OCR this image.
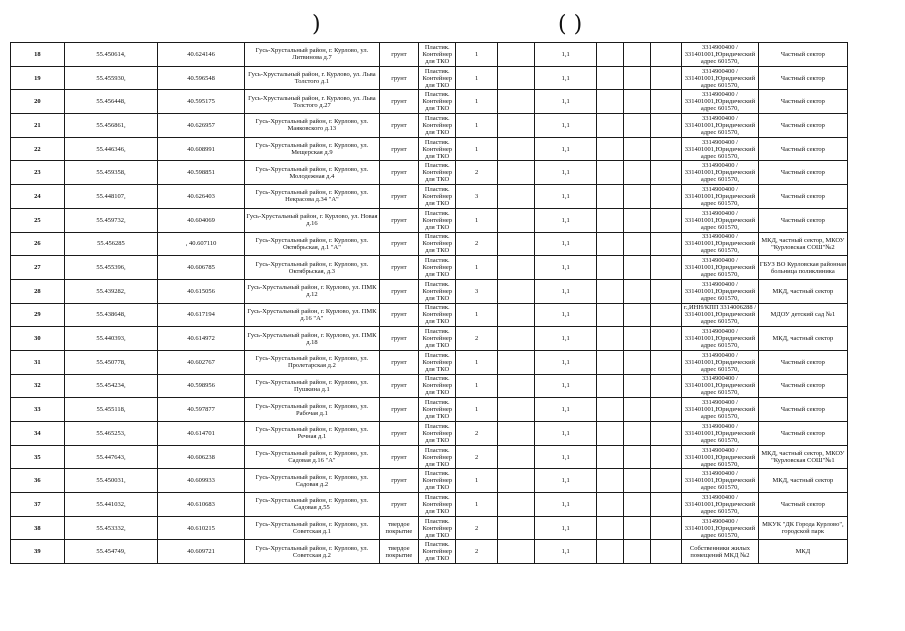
)	( )
18	55.450614,	40.624146	Гусь-Хрустальный район, г. Курлово, ул. Литвинова д.7	грунт	Пластик. Контейнер для ТКО	1		1,1				3314900400 / 331401001,Юридический адрес 601570,	Частный сектор
19	55.455930,	40.596548	Гусь-Хрустальный район, г. Курлово, ул. Льва Толстого д.1	грунт	Пластик. Контейнер для ТКО	1		1,1				3314900400 / 331401001,Юридический адрес 601570,	Частный сектор
20	55.456448,	40.595175	Гусь-Хрустальный район, г. Курлово, ул. Льва Толстого д.27	грунт	Пластик. Контейнер для ТКО	1		1,1				3314900400 / 331401001,Юридический адрес 601570,	Частный сектор
21	55.456861,	40.626957	Гусь-Хрустальный район, г. Курлово, ул. Маяковского д.13	грунт	Пластик. Контейнер для ТКО	1		1,1				3314900400 / 331401001,Юридический адрес 601570,	Частный сектор
22	55.446346,	40.608991	Гусь-Хрустальный район, г. Курлово, ул. Мещерская д.9	грунт	Пластик. Контейнер для ТКО	1		1,1				3314900400 / 331401001,Юридический адрес 601570,	Частный сектор
23	55.459358,	40.598851	Гусь-Хрустальный район, г. Курлово, ул. Молодежная д.4	грунт	Пластик. Контейнер для ТКО	2		1,1				3314900400 / 331401001,Юридический адрес 601570,	Частный сектор
24	55.448107,	40.626403	Гусь-Хрустальный район, г. Курлово, ул. Некрасова д.34 "А"	грунт	Пластик. Контейнер для ТКО	3		1,1				3314900400 / 331401001,Юридический адрес 601570,	Частный сектор
25	55.459732,	40.604069	Гусь-Хрустальный район, г. Курлово, ул. Новая д.16	грунт	Пластик. Контейнер для ТКО	1		1,1				3314900400 / 331401001,Юридический адрес 601570,	Частный сектор
26	55.456285	, 40.607110	Гусь-Хрустальный район, г. Курлово, ул. Октябрьская, д.1 "А"	грунт	Пластик. Контейнер для ТКО	2		1,1				3314900400 / 331401001,Юридический адрес 601570,	МКД, частный сектор, МКОУ "Курловская СОШ"№2
27	55.455396,	40.606785	Гусь-Хрустальный район, г. Курлово, ул. Октябрьская, д.3	грунт	Пластик. Контейнер для ТКО	1		1,1				3314900400 / 331401001,Юридический адрес 601570,	ГБУЗ ВО Курловская районная больница поликлиника
28	55.439282,	40.615056	Гусь-Хрустальный район, г. Курлово, ул. ПМК д.12	грунт	Пластик. Контейнер для ТКО	3		1,1				3314900400 / 331401001,Юридический адрес 601570,	МКД, частный сектор
29	55.438648,	40.617194	Гусь-Хрустальный район, г. Курлово, ул. ПМК д.16 "А"	грунт	Пластик. Контейнер для ТКО	1		1,1				г.,ИНН/КПП 3314006288 / 331401001,Юридический адрес 601570,	МДОУ детский сад №1
30	55.440393,	40.614972	Гусь-Хрустальный район, г. Курлово, ул. ПМК д.18	грунт	Пластик. Контейнер для ТКО	2		1,1				3314900400 / 331401001,Юридический адрес 601570,	МКД, частный сектор
31	55.450778,	40.602767	Гусь-Хрустальный район, г. Курлово, ул. Пролетарская д.2	грунт	Пластик. Контейнер для ТКО	1		1,1				3314900400 / 331401001,Юридический адрес 601570,	Частный сектор
32	55.454234,	40.598956	Гусь-Хрустальный район, г. Курлово, ул. Пушкина д.1	грунт	Пластик. Контейнер для ТКО	1		1,1				3314900400 / 331401001,Юридический адрес 601570,	Частный сектор
33	55.455118,	40.597877	Гусь-Хрустальный район, г. Курлово, ул. Рабочая д.1	грунт	Пластик. Контейнер для ТКО	1		1,1				3314900400 / 331401001,Юридический адрес 601570,	Частный сектор
34	55.465253,	40.614701	Гусь-Хрустальный район, г. Курлово, ул. Речная д.1	грунт	Пластик. Контейнер для ТКО	2		1,1				3314900400 / 331401001,Юридический адрес 601570,	Частный сектор
35	55.447643,	40.606238	Гусь-Хрустальный район, г. Курлово, ул. Садовая д.16 "А"	грунт	Пластик. Контейнер для ТКО	2		1,1				3314900400 / 331401001,Юридический адрес 601570,	МКД, частный сектор, МКОУ "Курловская СОШ"№1
36	55.450031,	40.609933	Гусь-Хрустальный район, г. Курлово, ул. Садовая д.2	грунт	Пластик. Контейнер для ТКО	1		1,1				3314900400 / 331401001,Юридический адрес 601570,	МКД, частный сектор
37	55.441032,	40.610683	Гусь-Хрустальный район, г. Курлово, ул. Садовая д.55	грунт	Пластик. Контейнер для ТКО	1		1,1				3314900400 / 331401001,Юридический адрес 601570,	Частный сектор
38	55.453332,	40.610215	Гусь-Хрустальный район, г. Курлово, ул. Советская д.1	твердое покрытие	Пластик. Контейнер для ТКО	2		1,1				3314900400 / 331401001,Юридический адрес 601570,	МКУК "ДК Города Курлово", городской парк
39	55.454749,	40.609721	Гусь-Хрустальный район, г. Курлово, ул. Советская д.2	твердое покрытие	Пластик. Контейнер для ТКО	2		1,1				Собственники жилых помещений МКД №2	МКД
